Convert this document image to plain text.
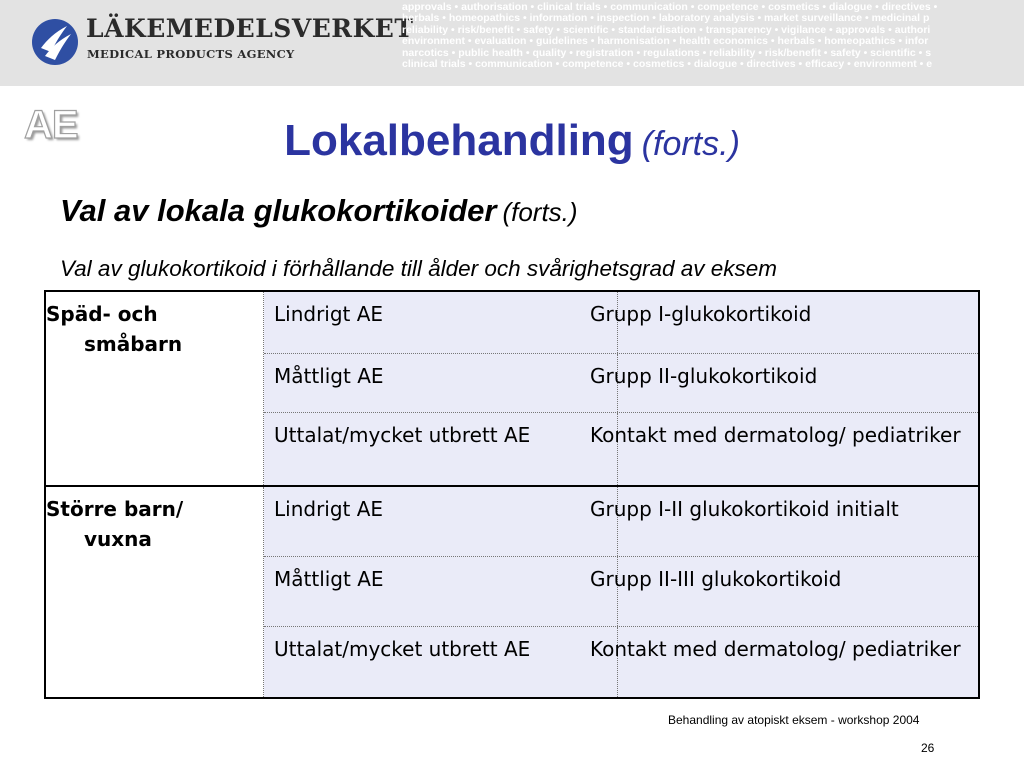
LÄKEMEDELSVERKET
MEDICAL PRODUCTS AGENCY
approvals • authorisation • clinical trials • communication • competence • cosmetics • dialogue • directives •
herbals • homeopathics • information • inspection • laboratory analysis • market surveillance • medicinal p
reliability • risk/benefit • safety • scientific • standardisation • transparency • vigilance • approvals • authori
environment • evaluation • guidelines • harmonisation • health economics • herbals • homeopathics • infor
narcotics • public health • quality • registration • regulations • reliability • risk/benefit • safety • scientific • s
clinical trials • communication • competence • cosmetics • dialogue • directives • efficacy • environment • e
AE	Lokalbehandling (forts.)
Val av lokala glukokortikoider (forts.)
Val av glukokortikoid i förhållande till ålder och svårighetsgrad av eksem
Späd- och småbarn
Lindrigt AE	Grupp I-glukokortikoid
Måttligt AE	Grupp II-glukokortikoid
Uttalat/mycket utbrett AE	Kontakt med dermatolog/ pediatriker
Större barn/ vuxna
Lindrigt AE	Grupp I-II glukokortikoid initialt
Måttligt AE	Grupp II-III glukokortikoid
Uttalat/mycket utbrett AE	Kontakt med dermatolog/ pediatriker
Behandling av atopiskt eksem - workshop 2004
26
